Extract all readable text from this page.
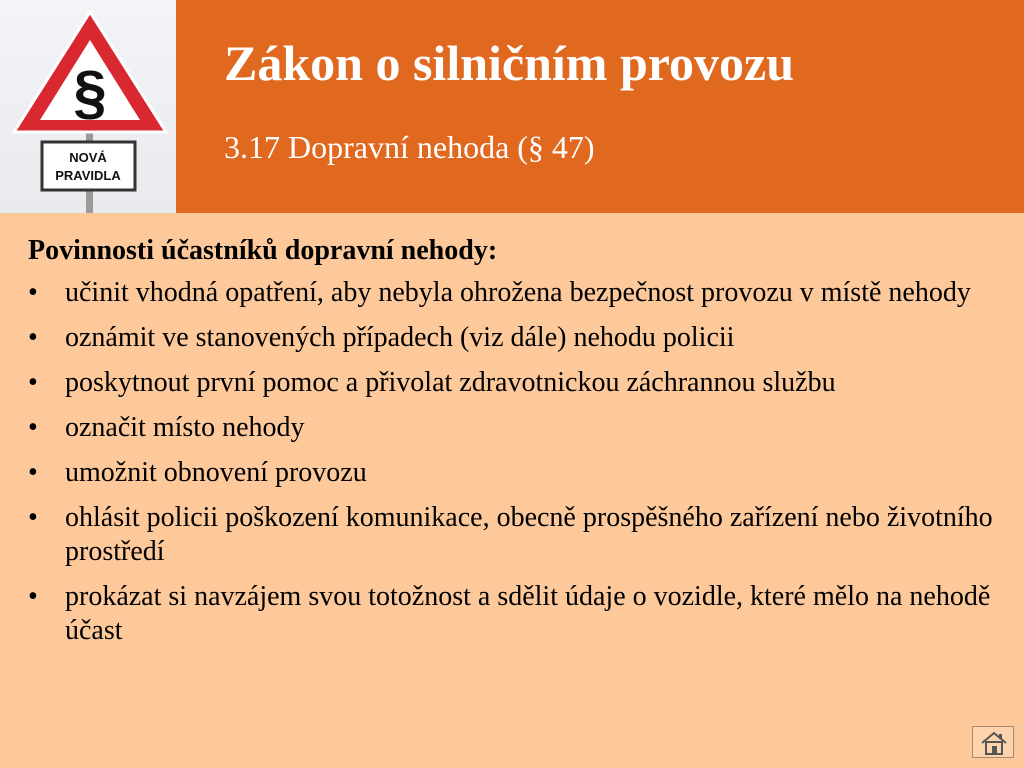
§
NOVÁ
PRAVIDLA
Zákon o silničním provozu
3.17 Dopravní nehoda (§ 47)
Povinnosti účastníků dopravní nehody:
• učinit vhodná opatření, aby nebyla ohrožena bezpečnost provozu v místě nehody
• oznámit ve stanovených případech (viz dále) nehodu policii
• poskytnout první pomoc a přivolat zdravotnickou záchrannou službu
• označit místo nehody
• umožnit obnovení provozu
• ohlásit policii poškození komunikace, obecně prospěšného zařízení nebo životního prostředí
• prokázat si navzájem svou totožnost a sdělit údaje o vozidle, které mělo na nehodě účast
